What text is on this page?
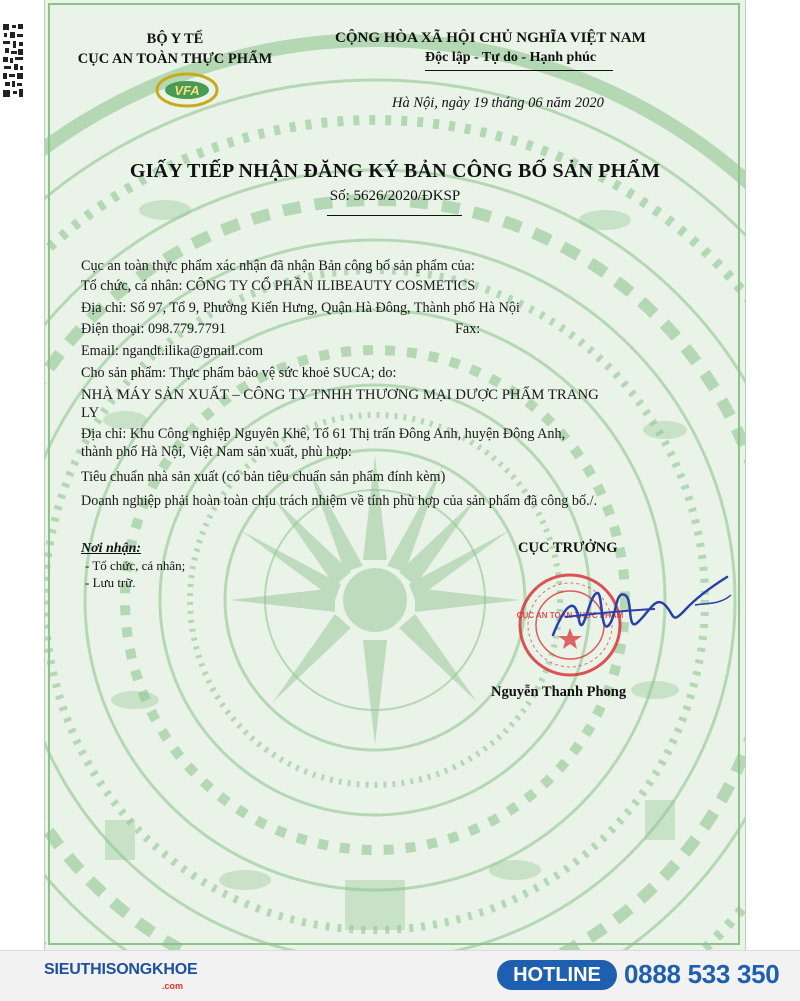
BỘ Y TẾ
CỤC AN TOÀN THỰC PHẨM
VFA
CỘNG HÒA XÃ HỘI CHỦ NGHĨA VIỆT NAM
Độc lập - Tự do - Hạnh phúc
Hà Nội, ngày 19 tháng 06 năm 2020
GIẤY TIẾP NHẬN ĐĂNG KÝ BẢN CÔNG BỐ SẢN PHẨM
Số: 5626/2020/ĐKSP
Cục an toàn thực phẩm xác nhận đã nhận Bản công bố sản phẩm của:
Tổ chức, cá nhân: CÔNG TY CỔ PHẦN ILIBEAUTY COSMETICS
Địa chỉ: Số 97, Tổ 9, Phường Kiến Hưng, Quận Hà Đông, Thành phố Hà Nội
Điện thoại: 098.779.7791	Fax:
Email: ngandt.ilika@gmail.com
Cho sản phẩm: Thực phẩm bảo vệ sức khoẻ SUCA; do:
NHÀ MÁY SẢN XUẤT – CÔNG TY TNHH THƯƠNG MẠI DƯỢC PHẨM TRANG
LY
Địa chỉ: Khu Công nghiệp Nguyên Khê, Tổ 61 Thị trấn Đông Anh, huyện Đông Anh,
thành phố Hà Nội, Việt Nam sản xuất, phù hợp:
Tiêu chuẩn nhà sản xuất (có bản tiêu chuẩn sản phẩm đính kèm)
Doanh nghiệp phải hoàn toàn chịu trách nhiệm về tính phù hợp của sản phẩm đã công bố./.
Nơi nhận:
- Tổ chức, cá nhân;
- Lưu trữ.
CỤC TRƯỞNG
CỤC AN TOÀN THỰC PHẨM
Nguyễn Thanh Phong
SIEUTHISONGKHOE
.com	HOTLINE 0888 533 350
